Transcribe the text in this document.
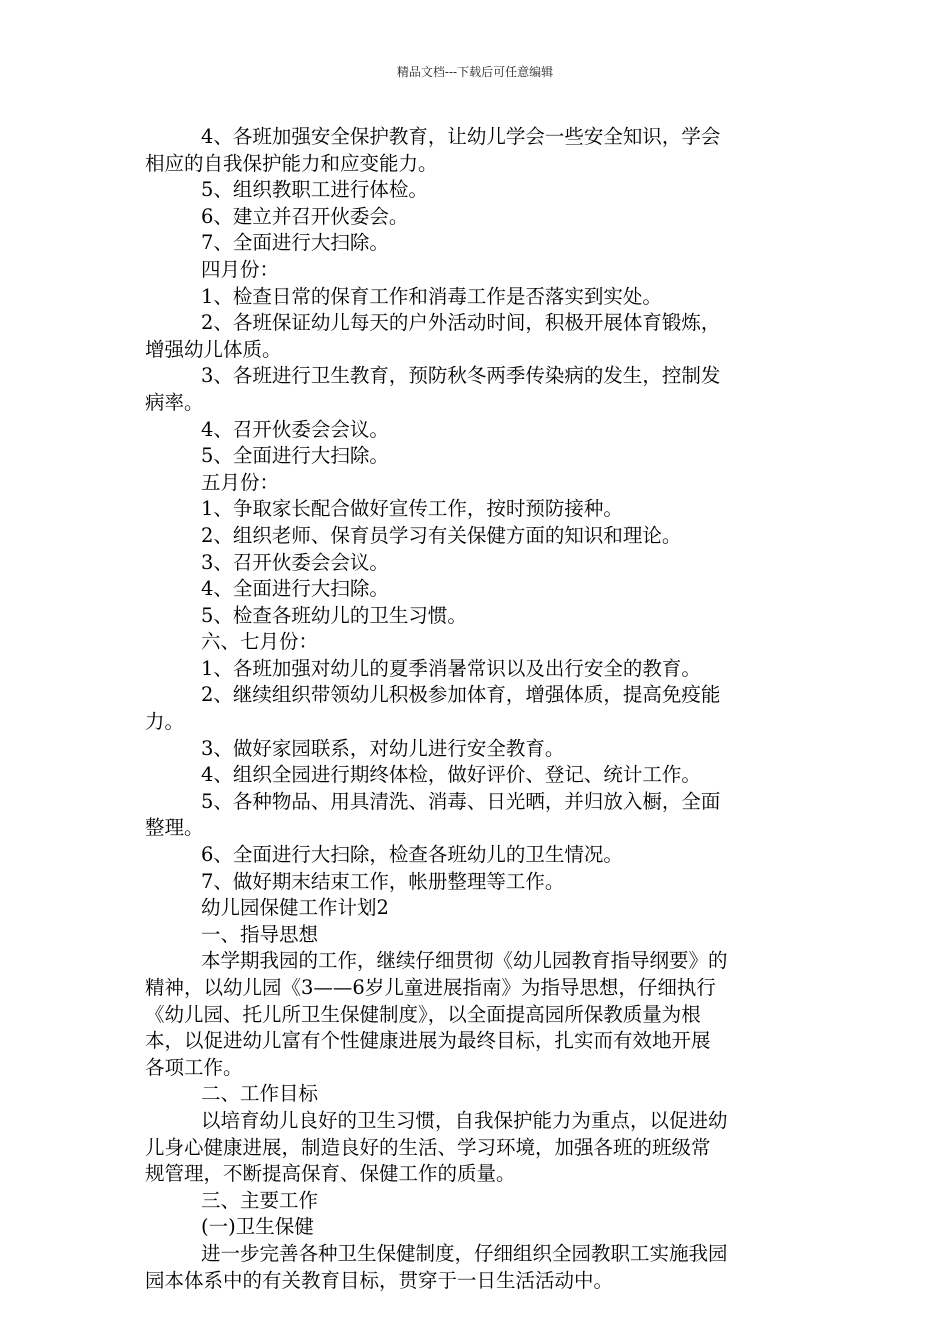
精品文档---下载后可任意编辑
4、各班加强安全保护教育，让幼儿学会一些安全知识，学会
相应的自我保护能力和应变能力。
5、组织教职工进行体检。
6、建立并召开伙委会。
7、全面进行大扫除。
四月份：
1、检查日常的保育工作和消毒工作是否落实到实处。
2、各班保证幼儿每天的户外活动时间，积极开展体育锻炼，
增强幼儿体质。
3、各班进行卫生教育，预防秋冬两季传染病的发生，控制发
病率。
4、召开伙委会会议。
5、全面进行大扫除。
五月份：
1、争取家长配合做好宣传工作，按时预防接种。
2、组织老师、保育员学习有关保健方面的知识和理论。
3、召开伙委会会议。
4、全面进行大扫除。
5、检查各班幼儿的卫生习惯。
六、七月份：
1、各班加强对幼儿的夏季消暑常识以及出行安全的教育。
2、继续组织带领幼儿积极参加体育，增强体质，提高免疫能
力。
3、做好家园联系，对幼儿进行安全教育。
4、组织全园进行期终体检，做好评价、登记、统计工作。
5、各种物品、用具清洗、消毒、日光晒，并归放入橱，全面
整理。
6、全面进行大扫除，检查各班幼儿的卫生情况。
7、做好期末结束工作，帐册整理等工作。
幼儿园保健工作计划2
一、指导思想
本学期我园的工作，继续仔细贯彻《幼儿园教育指导纲要》的
精神，以幼儿园《3——6岁儿童进展指南》为指导思想，仔细执行
《幼儿园、托儿所卫生保健制度》，以全面提高园所保教质量为根
本，以促进幼儿富有个性健康进展为最终目标，扎实而有效地开展
各项工作。
二、工作目标
以培育幼儿良好的卫生习惯，自我保护能力为重点，以促进幼
儿身心健康进展，制造良好的生活、学习环境，加强各班的班级常
规管理，不断提高保育、保健工作的质量。
三、主要工作
(一)卫生保健
进一步完善各种卫生保健制度，仔细组织全园教职工实施我园
园本体系中的有关教育目标，贯穿于一日生活活动中。
